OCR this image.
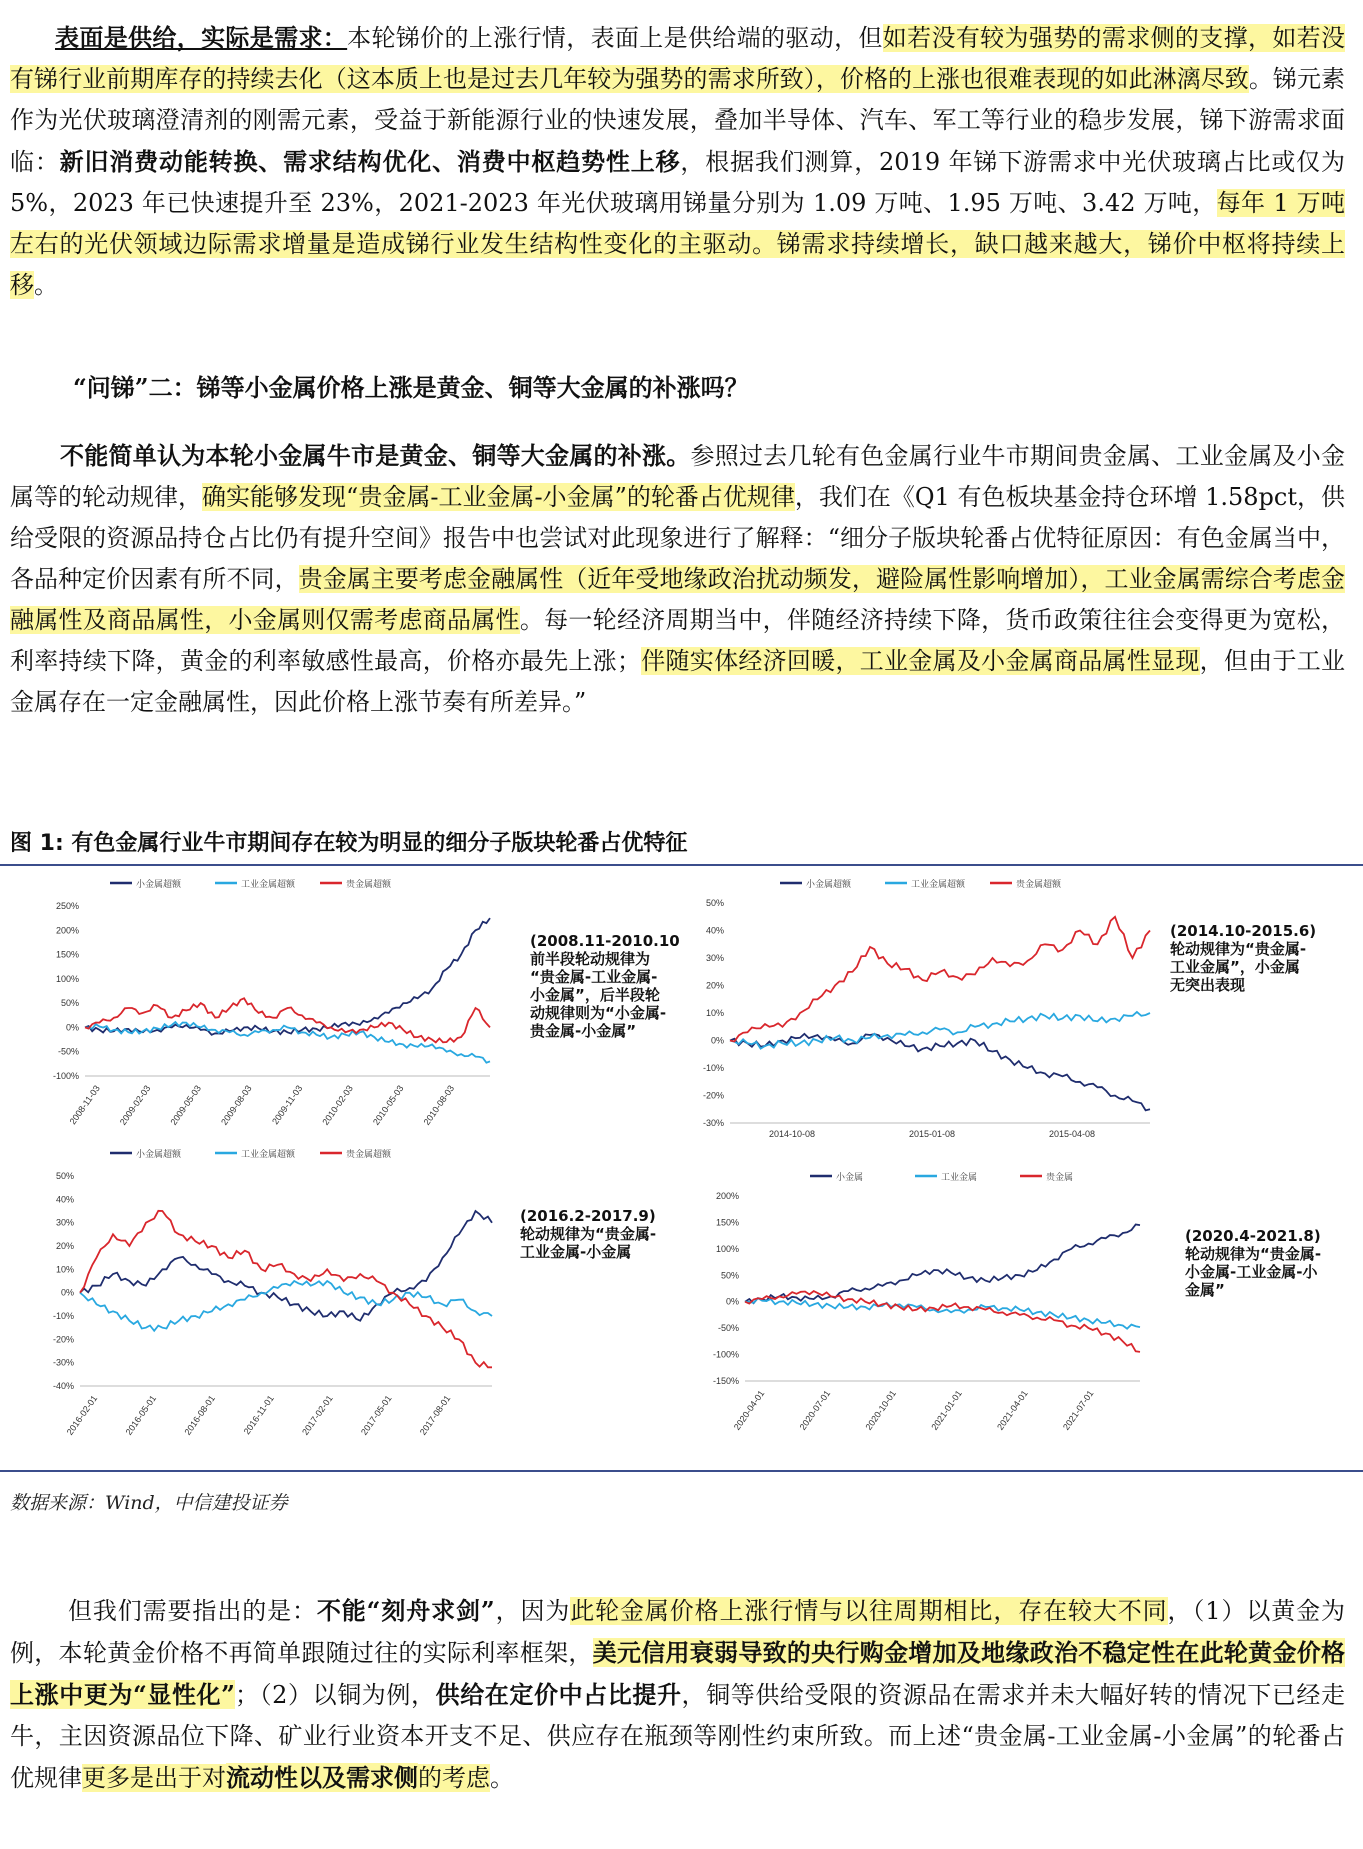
表面是供给，实际是需求：本轮锑价的上涨行情，表面上是供给端的驱动，但如若没有较为强势的需求侧的支撑，如若没有锑行业前期库存的持续去化（这本质上也是过去几年较为强势的需求所致），价格的上涨也很难表现的如此淋漓尽致。锑元素作为光伏玻璃澄清剂的刚需元素，受益于新能源行业的快速发展，叠加半导体、汽车、军工等行业的稳步发展，锑下游需求面临：新旧消费动能转换、需求结构优化、消费中枢趋势性上移，根据我们测算，2019 年锑下游需求中光伏玻璃占比或仅为 5%，2023 年已快速提升至 23%，2021-2023 年光伏玻璃用锑量分别为 1.09 万吨、1.95 万吨、3.42 万吨，每年 1 万吨左右的光伏领域边际需求增量是造成锑行业发生结构性变化的主驱动。锑需求持续增长，缺口越来越大，锑价中枢将持续上移。

“问锑”二：锑等小金属价格上涨是黄金、铜等大金属的补涨吗？

不能简单认为本轮小金属牛市是黄金、铜等大金属的补涨。参照过去几轮有色金属行业牛市期间贵金属、工业金属及小金属等的轮动规律，确实能够发现“贵金属-工业金属-小金属”的轮番占优规律，我们在《Q1 有色板块基金持仓环增 1.58pct，供给受限的资源品持仓占比仍有提升空间》报告中也尝试对此现象进行了解释：“细分子版块轮番占优特征原因：有色金属当中，各品种定价因素有所不同，贵金属主要考虑金融属性（近年受地缘政治扰动频发，避险属性影响增加），工业金属需综合考虑金融属性及商品属性，小金属则仅需考虑商品属性。每一轮经济周期当中，伴随经济持续下降，货币政策往往会变得更为宽松，利率持续下降，黄金的利率敏感性最高，价格亦最先上涨；伴随实体经济回暖，工业金属及小金属商品属性显现，但由于工业金属存在一定金融属性，因此价格上涨节奏有所差异。”

图 1: 有色金属行业牛市期间存在较为明显的细分子版块轮番占优特征
小金属超额	工业金属超额	贵金属超额
250%
200%
150%
100%
50%
0%
-50%
-100%
2008-11-03 2009-02-03 2009-05-03 2009-08-03 2009-11-03 2010-02-03 2010-05-03 2010-08-03
(2008.11-2010.10
前半段轮动规律为
“贵金属-工业金属-
小金属”，后半段轮
动规律则为“小金属-
贵金属-小金属”
小金属超额	工业金属超额	贵金属超额
50%
40%
30%
20%
10%
0%
-10%
-20%
-30%
2014-10-08	2015-01-08	2015-04-08
(2014.10-2015.6)
轮动规律为“贵金属-
工业金属”，小金属
无突出表现
小金属超额	工业金属超额	贵金属超额
50%
40%
30%
20%
10%
0%
-10%
-20%
-30%
-40%
2016-02-01	2016-05-01	2016-08-01	2016-11-01	2017-02-01	2017-05-01	2017-08-01
(2016.2-2017.9)
轮动规律为“贵金属-
工业金属-小金属
小金属	工业金属	贵金属
200%
150%
100%
50%
0%
-50%
-100%
-150%
2020-04-01	2020-07-01	2020-10-01	2021-01-01	2021-04-01	2021-07-01
(2020.4-2021.8)
轮动规律为“贵金属-
小金属-工业金属-小
金属”
数据来源：Wind，中信建投证券

但我们需要指出的是：不能“刻舟求剑”，因为此轮金属价格上涨行情与以往周期相比，存在较大不同，（1）以黄金为例，本轮黄金价格不再简单跟随过往的实际利率框架，美元信用衰弱导致的央行购金增加及地缘政治不稳定性在此轮黄金价格上涨中更为“显性化”；（2）以铜为例，供给在定价中占比提升，铜等供给受限的资源品在需求并未大幅好转的情况下已经走牛，主因资源品位下降、矿业行业资本开支不足、供应存在瓶颈等刚性约束所致。而上述“贵金属-工业金属-小金属”的轮番占优规律更多是出于对流动性以及需求侧的考虑。
